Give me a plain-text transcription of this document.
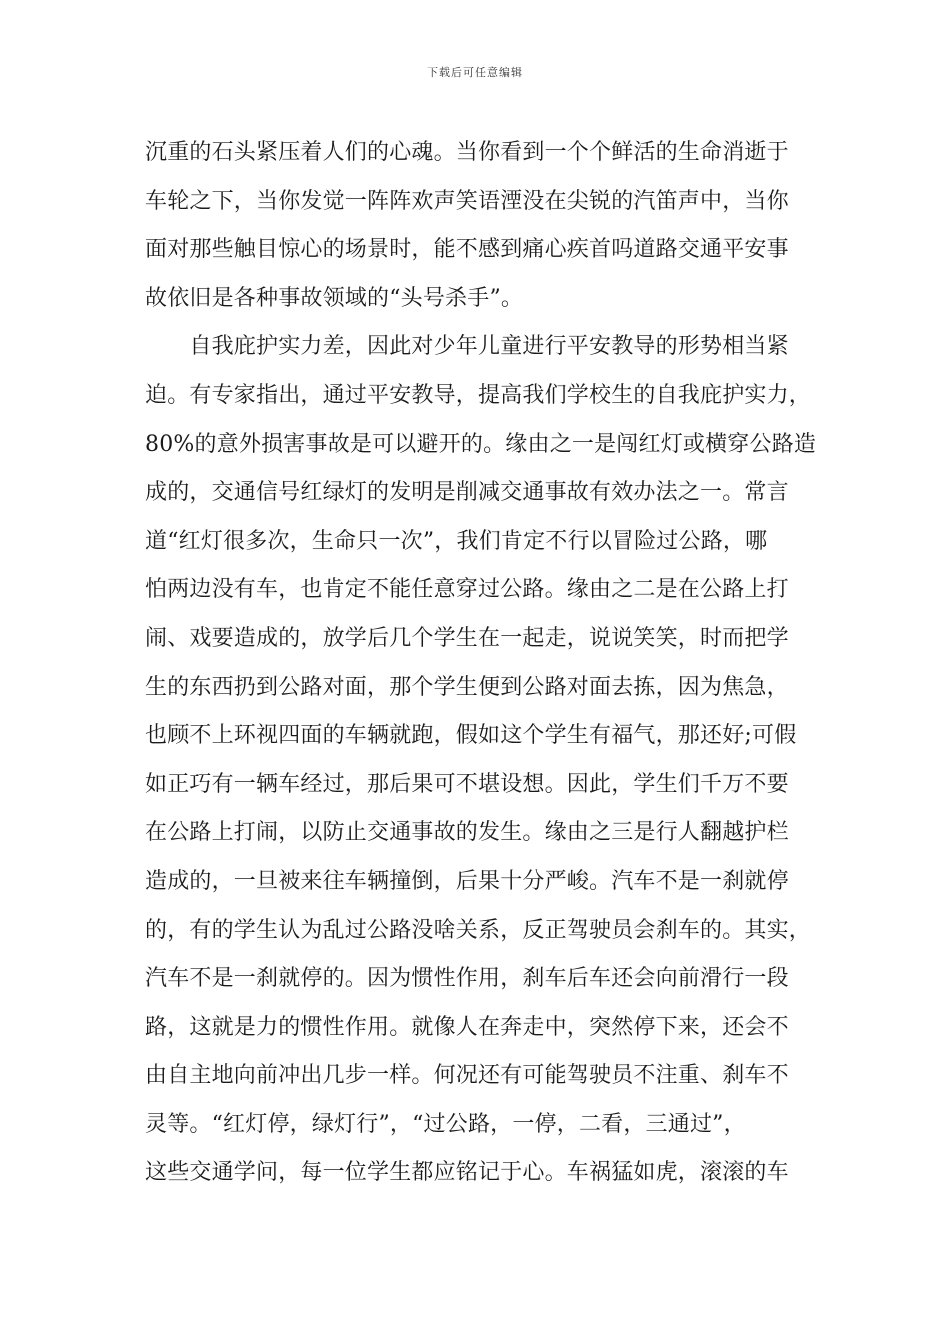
下载后可任意编辑
沉重的石头紧压着人们的心魂。当你看到一个个鲜活的生命消逝于
车轮之下，当你发觉一阵阵欢声笑语湮没在尖锐的汽笛声中，当你
面对那些触目惊心的场景时，能不感到痛心疾首吗道路交通平安事
故依旧是各种事故领域的“头号杀手”。
　　自我庇护实力差，因此对少年儿童进行平安教导的形势相当紧
迫。有专家指出，通过平安教导，提高我们学校生的自我庇护实力，
80%的意外损害事故是可以避开的。缘由之一是闯红灯或横穿公路造
成的，交通信号红绿灯的发明是削减交通事故有效办法之一。常言
道“红灯很多次，生命只一次”，我们肯定不行以冒险过公路，哪
怕两边没有车，也肯定不能任意穿过公路。缘由之二是在公路上打
闹、戏要造成的，放学后几个学生在一起走，说说笑笑，时而把学
生的东西扔到公路对面，那个学生便到公路对面去拣，因为焦急，
也顾不上环视四面的车辆就跑，假如这个学生有福气，那还好;可假
如正巧有一辆车经过，那后果可不堪设想。因此，学生们千万不要
在公路上打闹，以防止交通事故的发生。缘由之三是行人翻越护栏
造成的，一旦被来往车辆撞倒，后果十分严峻。汽车不是一刹就停
的，有的学生认为乱过公路没啥关系，反正驾驶员会刹车的。其实，
汽车不是一刹就停的。因为惯性作用，刹车后车还会向前滑行一段
路，这就是力的惯性作用。就像人在奔走中，突然停下来，还会不
由自主地向前冲出几步一样。何况还有可能驾驶员不注重、刹车不
灵等。“红灯停，绿灯行”，“过公路，一停，二看，三通过”，
这些交通学问，每一位学生都应铭记于心。车祸猛如虎，滚滚的车
